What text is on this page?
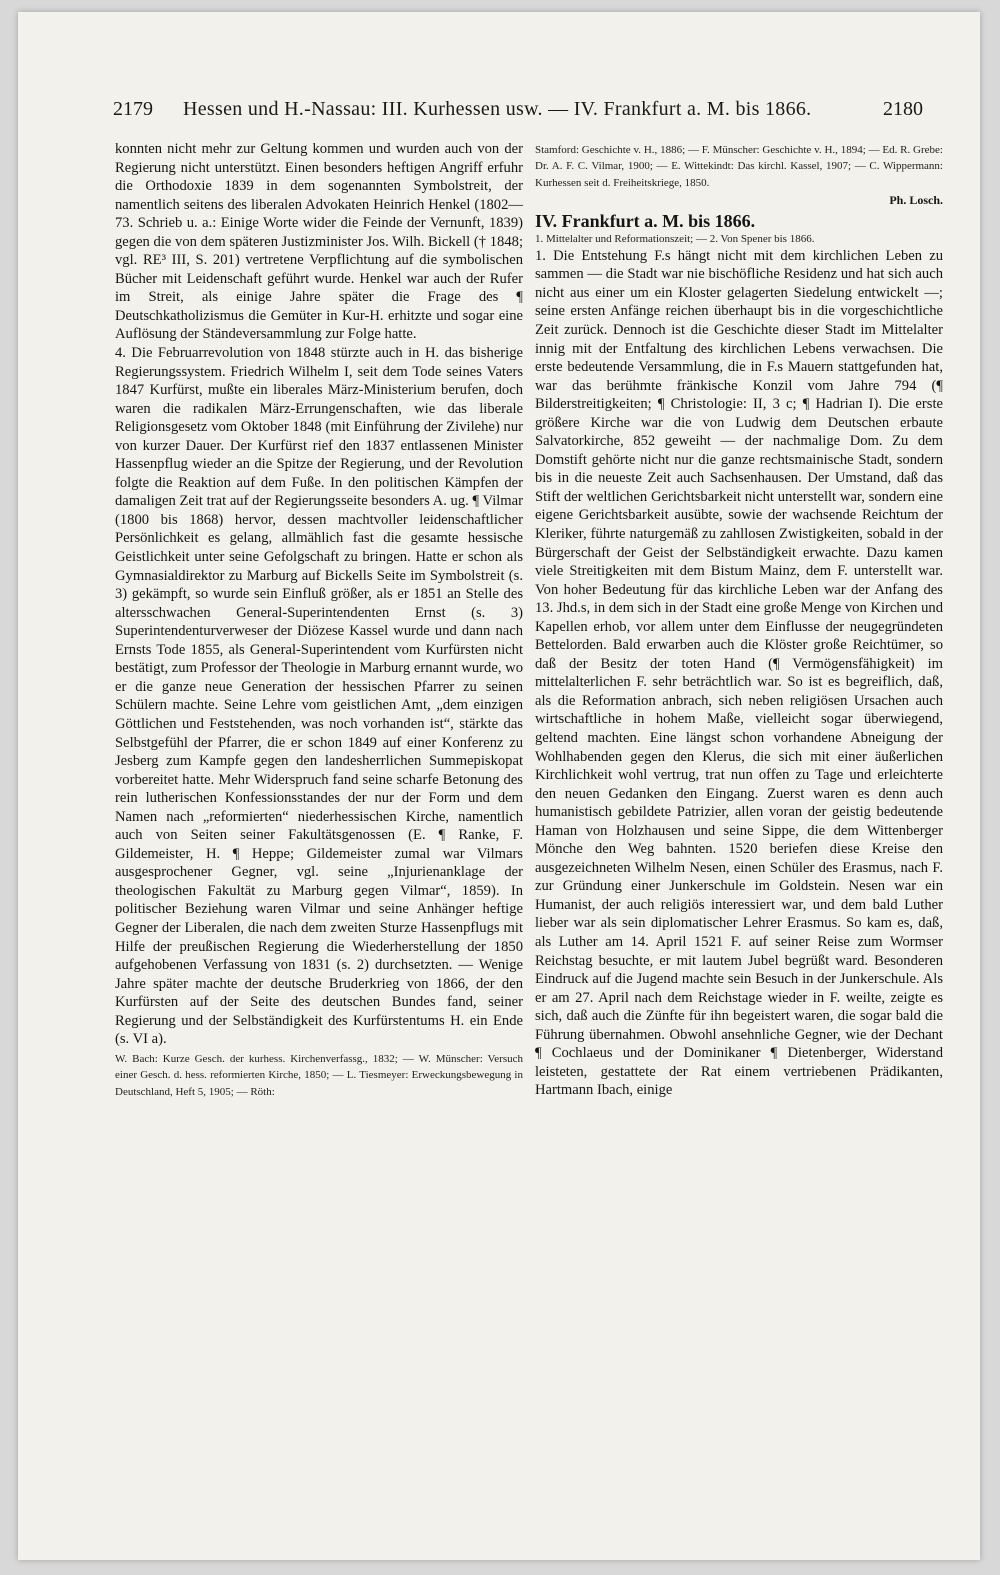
2179	Hessen und H.-Nassau: III. Kurhessen usw. — IV. Frankfurt a. M. bis 1866.	2180

konnten nicht mehr zur Geltung kommen und wurden auch von der Regierung nicht unterstützt. Einen besonders heftigen Angriff erfuhr die Orthodoxie 1839 in dem sogenannten Symbolstreit, der namentlich seitens des liberalen Advokaten Heinrich Henkel (1802—73. Schrieb u. a.: Einige Worte wider die Feinde der Vernunft, 1839) gegen die von dem späteren Justizminister Jos. Wilh. Bickell († 1848; vgl. RE³ III, S. 201) vertretene Verpflichtung auf die symbolischen Bücher mit Leidenschaft geführt wurde. Henkel war auch der Rufer im Streit, als einige Jahre später die Frage des ¶ Deutschkatholizismus die Gemüter in Kur-H. erhitzte und sogar eine Auflösung der Ständeversammlung zur Folge hatte.

4. Die Februarrevolution von 1848 stürzte auch in H. das bisherige Regierungssystem. Friedrich Wilhelm I, seit dem Tode seines Vaters 1847 Kurfürst, mußte ein liberales März-Ministerium berufen, doch waren die radikalen März-Errungenschaften, wie das liberale Religionsgesetz vom Oktober 1848 (mit Einführung der Zivilehe) nur von kurzer Dauer. Der Kurfürst rief den 1837 entlassenen Minister Hassenpflug wieder an die Spitze der Regierung, und der Revolution folgte die Reaktion auf dem Fuße. In den politischen Kämpfen der damaligen Zeit trat auf der Regierungsseite besonders A. ug. ¶ Vilmar (1800 bis 1868) hervor, dessen machtvoller leidenschaftlicher Persönlichkeit es gelang, allmählich fast die gesamte hessische Geistlichkeit unter seine Gefolgschaft zu bringen. Hatte er schon als Gymnasialdirektor zu Marburg auf Bickells Seite im Symbolstreit (s. 3) gekämpft, so wurde sein Einfluß größer, als er 1851 an Stelle des altersschwachen General-Superintendenten Ernst (s. 3) Superintendenturverweser der Diözese Kassel wurde und dann nach Ernsts Tode 1855, als General-Superintendent vom Kurfürsten nicht bestätigt, zum Professor der Theologie in Marburg ernannt wurde, wo er die ganze neue Generation der hessischen Pfarrer zu seinen Schülern machte. Seine Lehre vom geistlichen Amt, „dem einzigen Göttlichen und Feststehenden, was noch vorhanden ist“, stärkte das Selbstgefühl der Pfarrer, die er schon 1849 auf einer Konferenz zu Jesberg zum Kampfe gegen den landesherrlichen Summepiskopat vorbereitet hatte. Mehr Widerspruch fand seine scharfe Betonung des rein lutherischen Konfessionsstandes der nur der Form und dem Namen nach „reformierten“ niederhessischen Kirche, namentlich auch von Seiten seiner Fakultätsgenossen (E. ¶ Ranke, F. Gildemeister, H. ¶ Heppe; Gildemeister zumal war Vilmars ausgesprochener Gegner, vgl. seine „Injurienanklage der theologischen Fakultät zu Marburg gegen Vilmar“, 1859). In politischer Beziehung waren Vilmar und seine Anhänger heftige Gegner der Liberalen, die nach dem zweiten Sturze Hassenpflugs mit Hilfe der preußischen Regierung die Wiederherstellung der 1850 aufgehobenen Verfassung von 1831 (s. 2) durchsetzten. — Wenige Jahre später machte der deutsche Bruderkrieg von 1866, der den Kurfürsten auf der Seite des deutschen Bundes fand, seiner Regierung und der Selbständigkeit des Kurfürstentums H. ein Ende (s. VI a).

W. Bach: Kurze Gesch. der kurhess. Kirchenverfassg., 1832; — W. Münscher: Versuch einer Gesch. d. hess. reformierten Kirche, 1850; — L. Tiesmeyer: Erweckungsbewegung in Deutschland, Heft 5, 1905; — Röth:

Stamford: Geschichte v. H., 1886; — F. Münscher: Geschichte v. H., 1894; — Ed. R. Grebe: Dr. A. F. C. Vilmar, 1900; — E. Wittekindt: Das kirchl. Kassel, 1907; — C. Wippermann: Kurhessen seit d. Freiheitskriege, 1850.

Ph. Losch.

IV. Frankfurt a. M. bis 1866.

1. Mittelalter und Reformationszeit; — 2. Von Spener bis 1866.

1. Die Entstehung F.s hängt nicht mit dem kirchlichen Leben zu sammen — die Stadt war nie bischöfliche Residenz und hat sich auch nicht aus einer um ein Kloster gelagerten Siedelung entwickelt —; seine ersten Anfänge reichen überhaupt bis in die vorgeschichtliche Zeit zurück. Dennoch ist die Geschichte dieser Stadt im Mittelalter innig mit der Entfaltung des kirchlichen Lebens verwachsen. Die erste bedeutende Versammlung, die in F.s Mauern stattgefunden hat, war das berühmte fränkische Konzil vom Jahre 794 (¶ Bilderstreitigkeiten; ¶ Christologie: II, 3 c; ¶ Hadrian I). Die erste größere Kirche war die von Ludwig dem Deutschen erbaute Salvatorkirche, 852 geweiht — der nachmalige Dom. Zu dem Domstift gehörte nicht nur die ganze rechtsmainische Stadt, sondern bis in die neueste Zeit auch Sachsenhausen. Der Umstand, daß das Stift der weltlichen Gerichtsbarkeit nicht unterstellt war, sondern eine eigene Gerichtsbarkeit ausübte, sowie der wachsende Reichtum der Kleriker, führte naturgemäß zu zahllosen Zwistigkeiten, sobald in der Bürgerschaft der Geist der Selbständigkeit erwachte. Dazu kamen viele Streitigkeiten mit dem Bistum Mainz, dem F. unterstellt war. Von hoher Bedeutung für das kirchliche Leben war der Anfang des 13. Jhd.s, in dem sich in der Stadt eine große Menge von Kirchen und Kapellen erhob, vor allem unter dem Einflusse der neugegründeten Bettelorden. Bald erwarben auch die Klöster große Reichtümer, so daß der Besitz der toten Hand (¶ Vermögensfähigkeit) im mittelalterlichen F. sehr beträchtlich war. So ist es begreiflich, daß, als die Reformation anbrach, sich neben religiösen Ursachen auch wirtschaftliche in hohem Maße, vielleicht sogar überwiegend, geltend machten. Eine längst schon vorhandene Abneigung der Wohlhabenden gegen den Klerus, die sich mit einer äußerlichen Kirchlichkeit wohl vertrug, trat nun offen zu Tage und erleichterte den neuen Gedanken den Eingang. Zuerst waren es denn auch humanistisch gebildete Patrizier, allen voran der geistig bedeutende Haman von Holzhausen und seine Sippe, die dem Wittenberger Mönche den Weg bahnten. 1520 beriefen diese Kreise den ausgezeichneten Wilhelm Nesen, einen Schüler des Erasmus, nach F. zur Gründung einer Junkerschule im Goldstein. Nesen war ein Humanist, der auch religiös interessiert war, und dem bald Luther lieber war als sein diplomatischer Lehrer Erasmus. So kam es, daß, als Luther am 14. April 1521 F. auf seiner Reise zum Wormser Reichstag besuchte, er mit lautem Jubel begrüßt ward. Besonderen Eindruck auf die Jugend machte sein Besuch in der Junkerschule. Als er am 27. April nach dem Reichstage wieder in F. weilte, zeigte es sich, daß auch die Zünfte für ihn begeistert waren, die sogar bald die Führung übernahmen. Obwohl ansehnliche Gegner, wie der Dechant ¶ Cochlaeus und der Dominikaner ¶ Dietenberger, Widerstand leisteten, gestattete der Rat einem vertriebenen Prädikanten, Hartmann Ibach, einige
